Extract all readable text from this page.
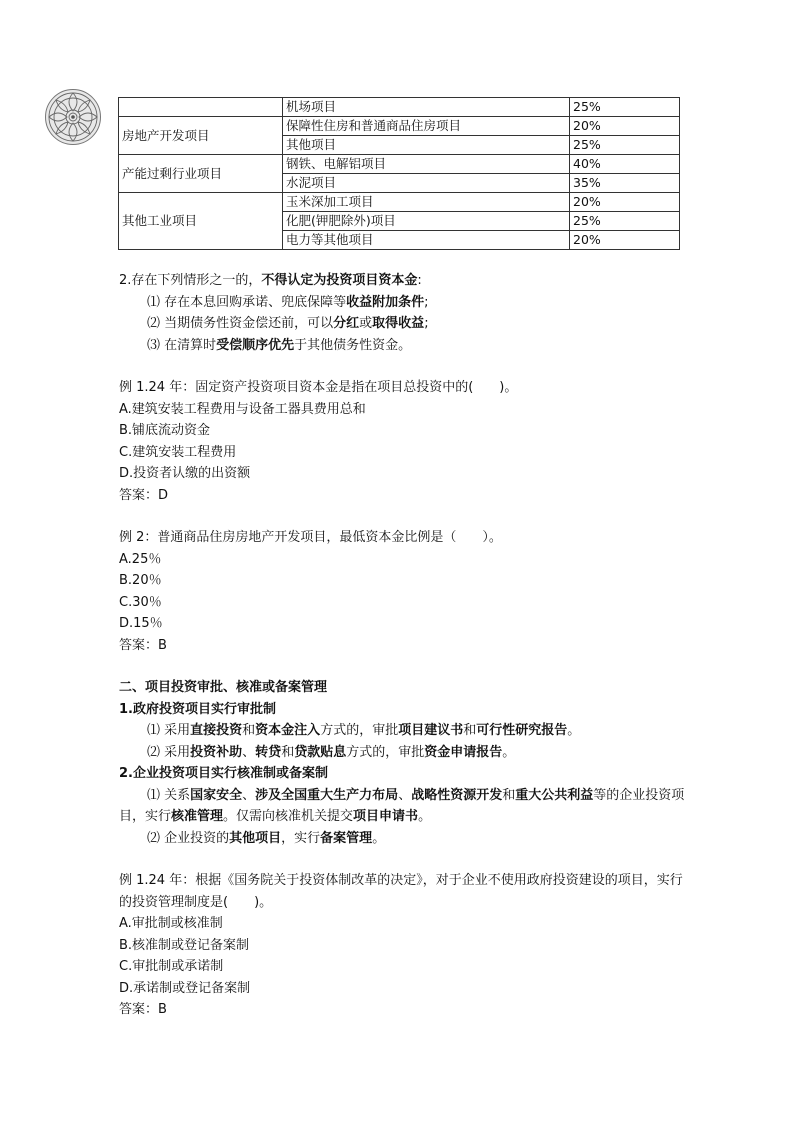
	机场项目	25%
房地产开发项目	保障性住房和普通商品住房项目	20%
	其他项目	25%
产能过剩行业项目	钢铁、电解铝项目	40%
	水泥项目	35%
其他工业项目	玉米深加工项目	20%
	化肥(钾肥除外)项目	25%
	电力等其他项目	20%
2.存在下列情形之一的，不得认定为投资项目资本金:
⑴ 存在本息回购承诺、兜底保障等收益附加条件;
⑵ 当期债务性资金偿还前，可以分红或取得收益;
⑶ 在清算时受偿顺序优先于其他债务性资金。
例 1.24 年：固定资产投资项目资本金是指在项目总投资中的(　　)。
A.建筑安装工程费用与设备工器具费用总和
B.铺底流动资金
C.建筑安装工程费用
D.投资者认缴的出资额
答案：D
例 2：普通商品住房房地产开发项目，最低资本金比例是（　　）。
A.25％
B.20％
C.30％
D.15％
答案：B
二、项目投资审批、核准或备案管理
1.政府投资项目实行审批制
⑴ 采用直接投资和资本金注入方式的，审批项目建议书和可行性研究报告。
⑵ 采用投资补助、转贷和贷款贴息方式的，审批资金申请报告。
2.企业投资项目实行核准制或备案制
⑴ 关系国家安全、涉及全国重大生产力布局、战略性资源开发和重大公共利益等的企业投资项目，实行核准管理。仅需向核准机关提交项目申请书。
⑵ 企业投资的其他项目，实行备案管理。
例 1.24 年：根据《国务院关于投资体制改革的决定》，对于企业不使用政府投资建设的项目，实行的投资管理制度是(　　)。
A.审批制或核准制
B.核准制或登记备案制
C.审批制或承诺制
D.承诺制或登记备案制
答案：B
